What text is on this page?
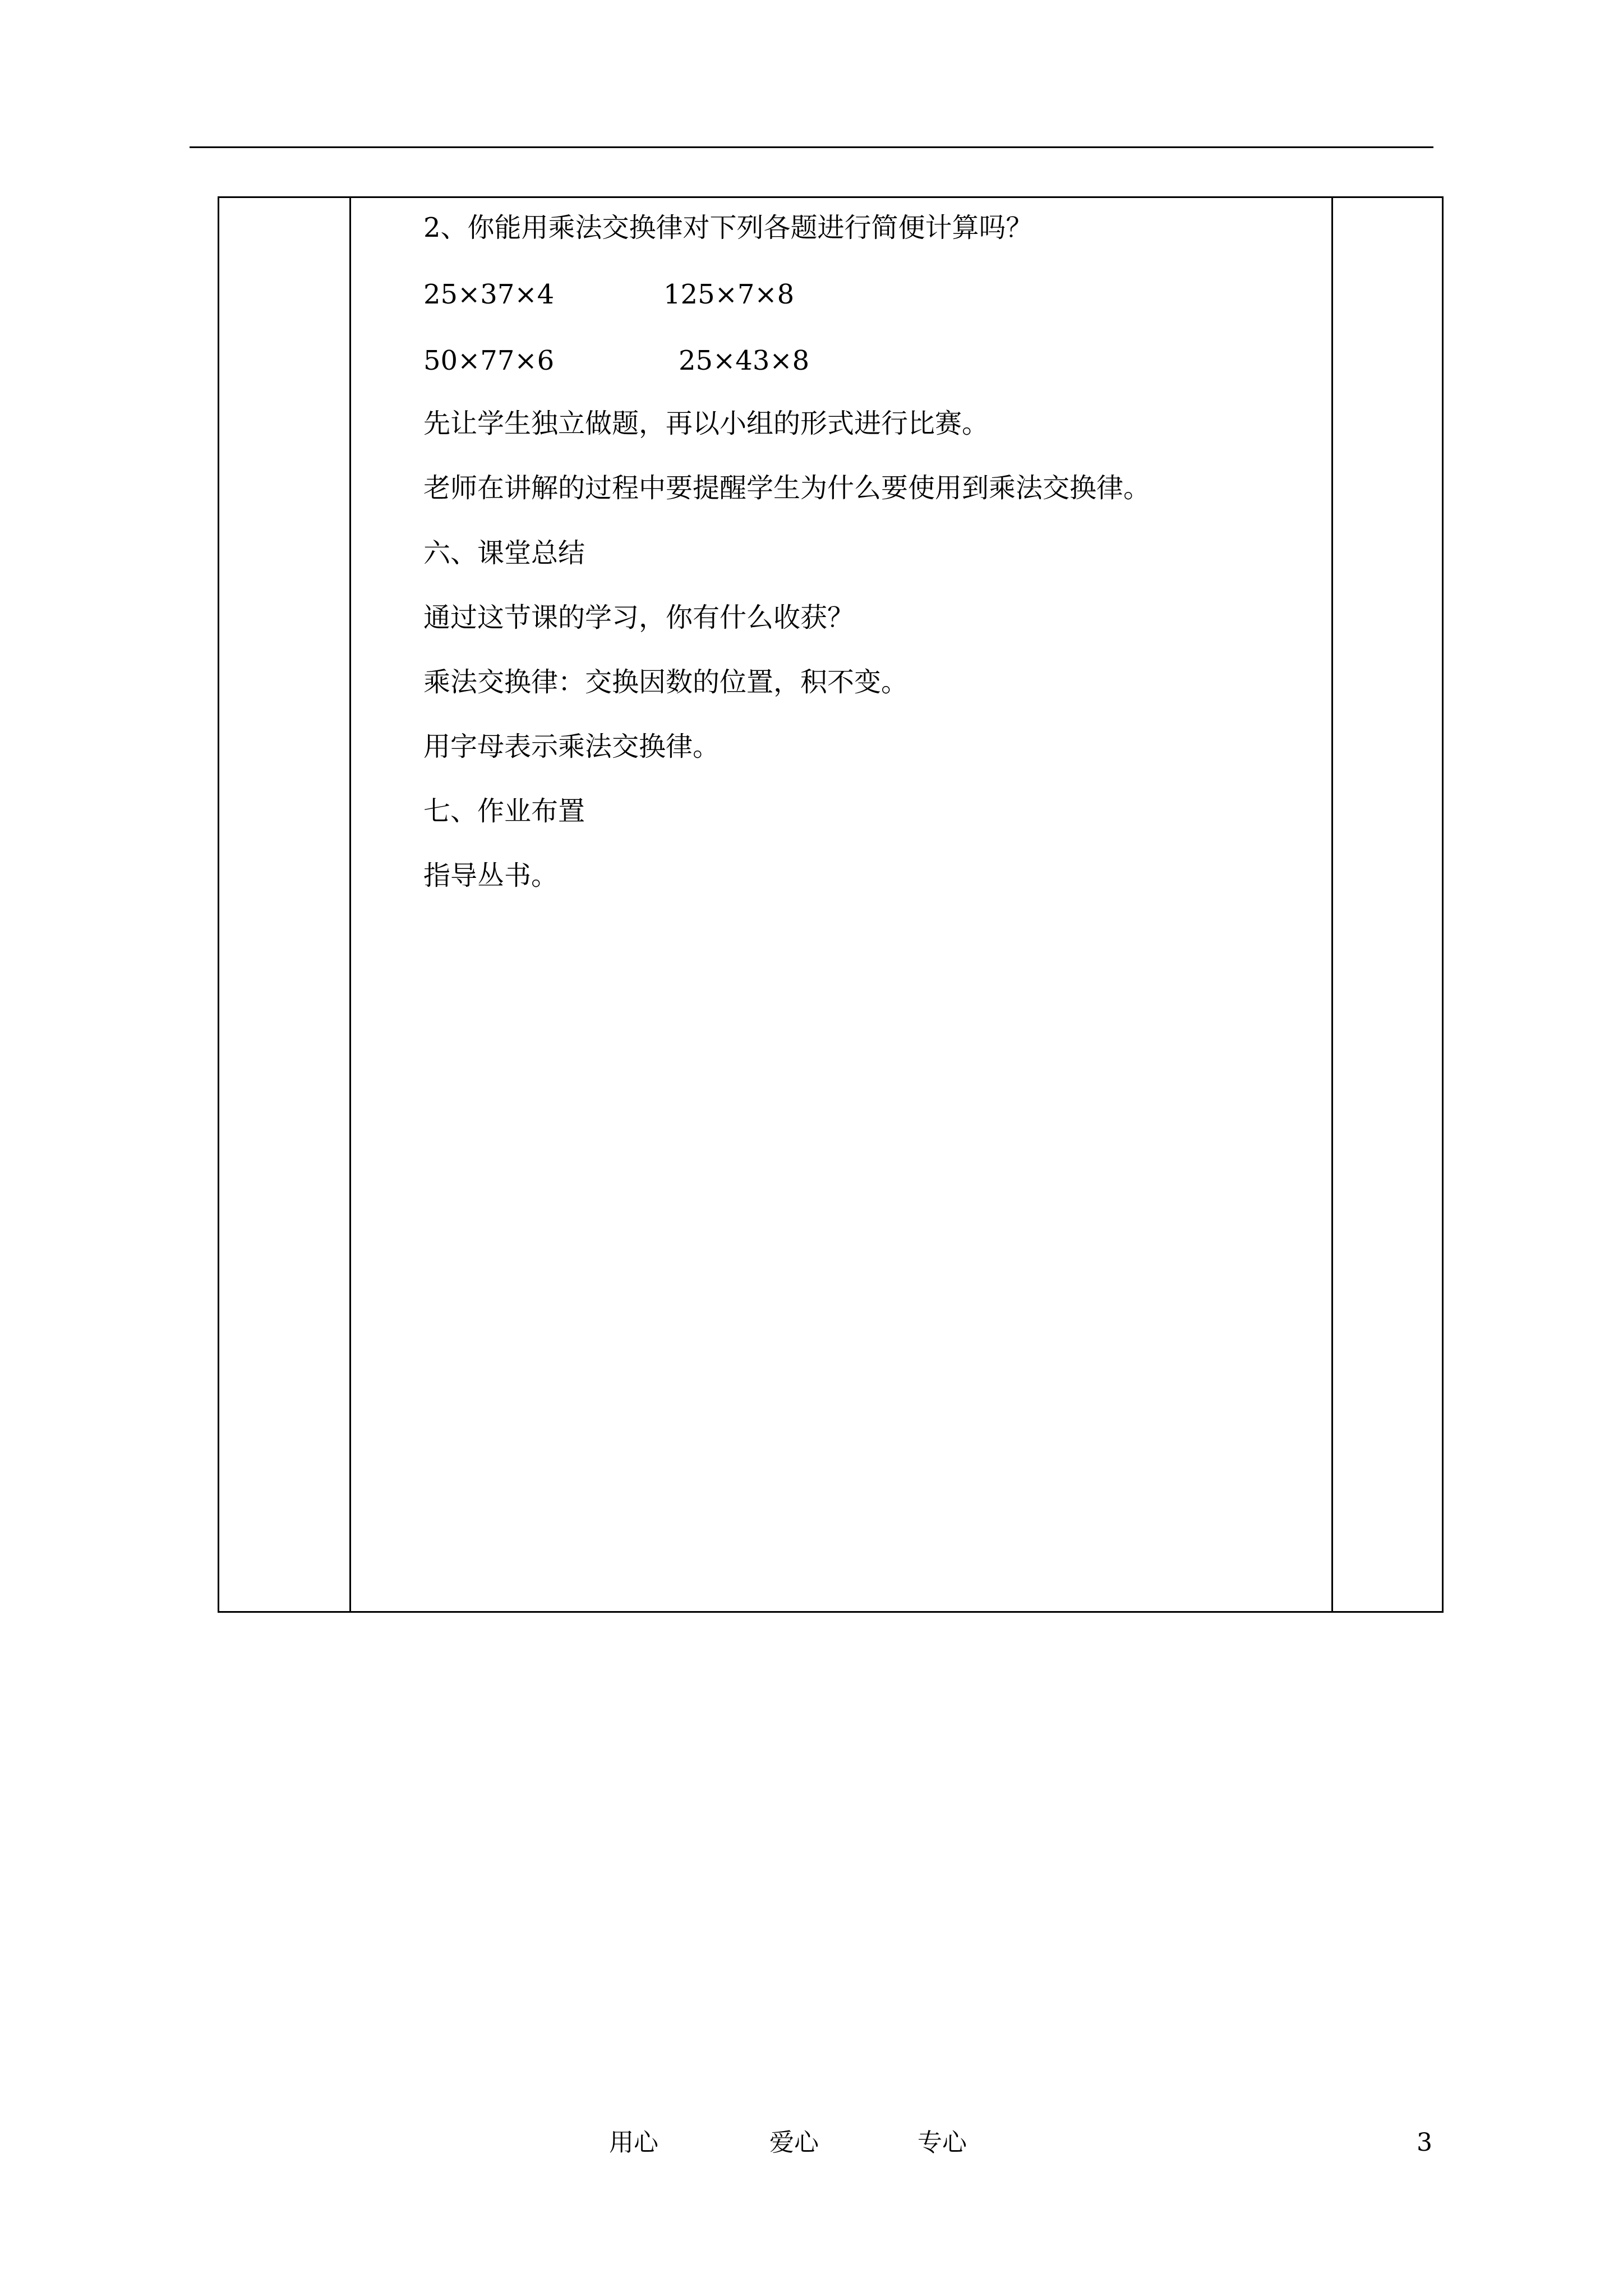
2、你能用乘法交换律对下列各题进行简便计算吗？
25×37×4	125×7×8
50×77×6	25×43×8
先让学生独立做题，再以小组的形式进行比赛。
老师在讲解的过程中要提醒学生为什么要使用到乘法交换律。
六、课堂总结
通过这节课的学习，你有什么收获？
乘法交换律：交换因数的位置，积不变。
用字母表示乘法交换律。
七、作业布置
指导丛书。
用心	爱心	专心	3
